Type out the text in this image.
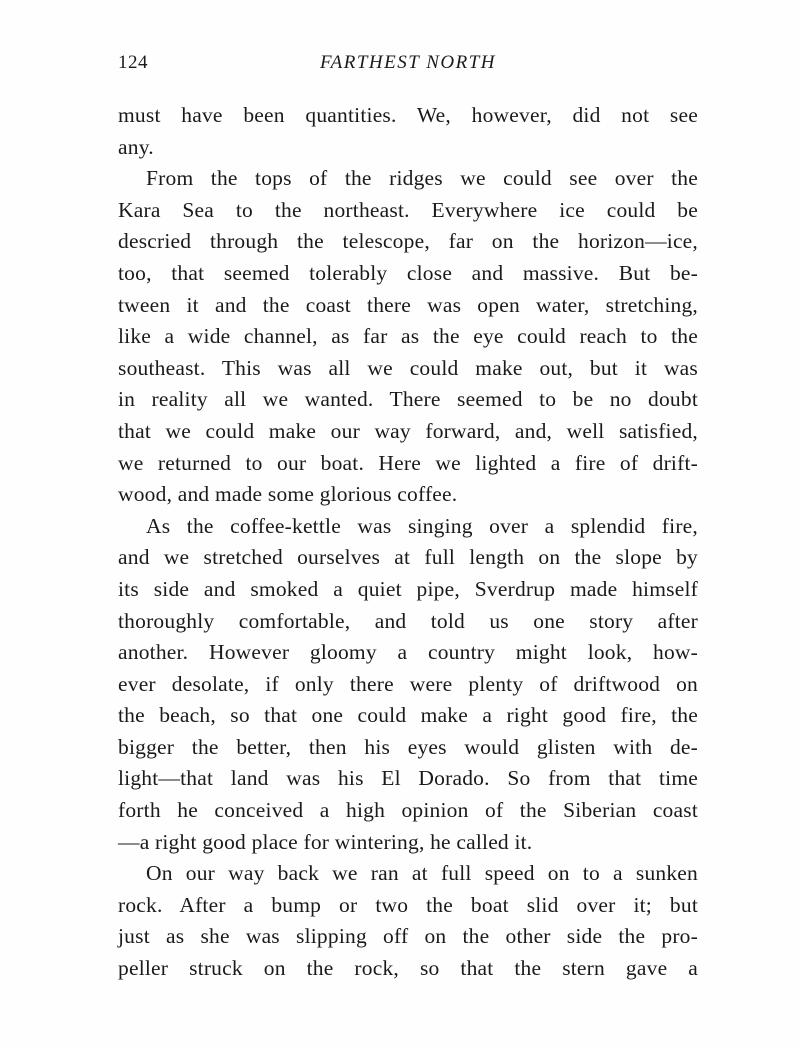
124	FARTHEST NORTH
must have been quantities. We, however, did not see
any.
From the tops of the ridges we could see over the
Kara Sea to the northeast. Everywhere ice could be
descried through the telescope, far on the horizon—ice,
too, that seemed tolerably close and massive. But be-
tween it and the coast there was open water, stretching,
like a wide channel, as far as the eye could reach to the
southeast. This was all we could make out, but it was
in reality all we wanted. There seemed to be no doubt
that we could make our way forward, and, well satisfied,
we returned to our boat. Here we lighted a fire of drift-
wood, and made some glorious coffee.
As the coffee-kettle was singing over a splendid fire,
and we stretched ourselves at full length on the slope by
its side and smoked a quiet pipe, Sverdrup made himself
thoroughly comfortable, and told us one story after
another. However gloomy a country might look, how-
ever desolate, if only there were plenty of driftwood on
the beach, so that one could make a right good fire, the
bigger the better, then his eyes would glisten with de-
light—that land was his El Dorado. So from that time
forth he conceived a high opinion of the Siberian coast
—a right good place for wintering, he called it.
On our way back we ran at full speed on to a sunken
rock. After a bump or two the boat slid over it; but
just as she was slipping off on the other side the pro-
peller struck on the rock, so that the stern gave a
